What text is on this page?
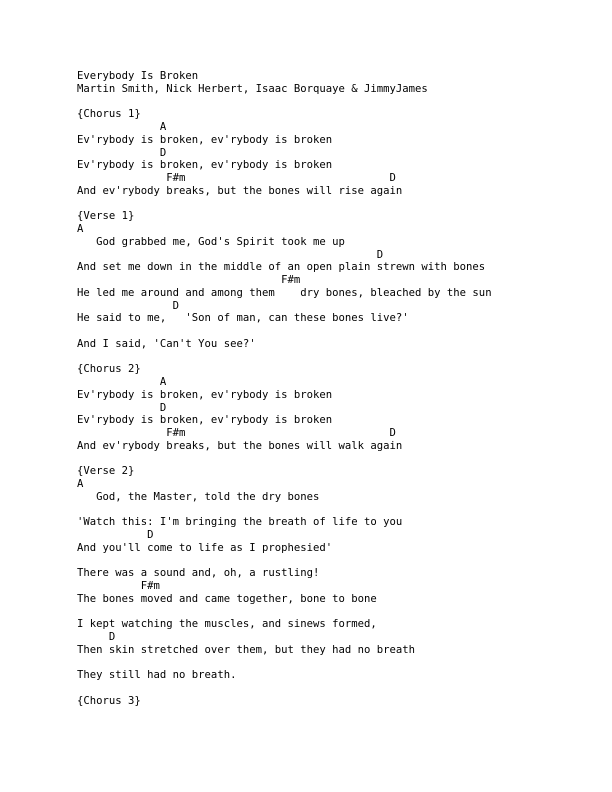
Everybody Is Broken
Martin Smith, Nick Herbert, Isaac Borquaye & JimmyJames
{Chorus 1}
A
Ev'rybody is broken, ev'rybody is broken
D
Ev'rybody is broken, ev'rybody is broken
F#m                                D
And ev'rybody breaks, but the bones will rise again
{Verse 1}
A
God grabbed me, God's Spirit took me up
D
And set me down in the middle of an open plain strewn with bones
F#m
He led me around and among them    dry bones, bleached by the sun
D
He said to me,   'Son of man, can these bones live?'
And I said, 'Can't You see?'
{Chorus 2}
A
Ev'rybody is broken, ev'rybody is broken
D
Ev'rybody is broken, ev'rybody is broken
F#m                                D
And ev'rybody breaks, but the bones will walk again
{Verse 2}
A
God, the Master, told the dry bones
'Watch this: I'm bringing the breath of life to you
D
And you'll come to life as I prophesied'
There was a sound and, oh, a rustling!
F#m
The bones moved and came together, bone to bone
I kept watching the muscles, and sinews formed,
D
Then skin stretched over them, but they had no breath
They still had no breath.
{Chorus 3}
